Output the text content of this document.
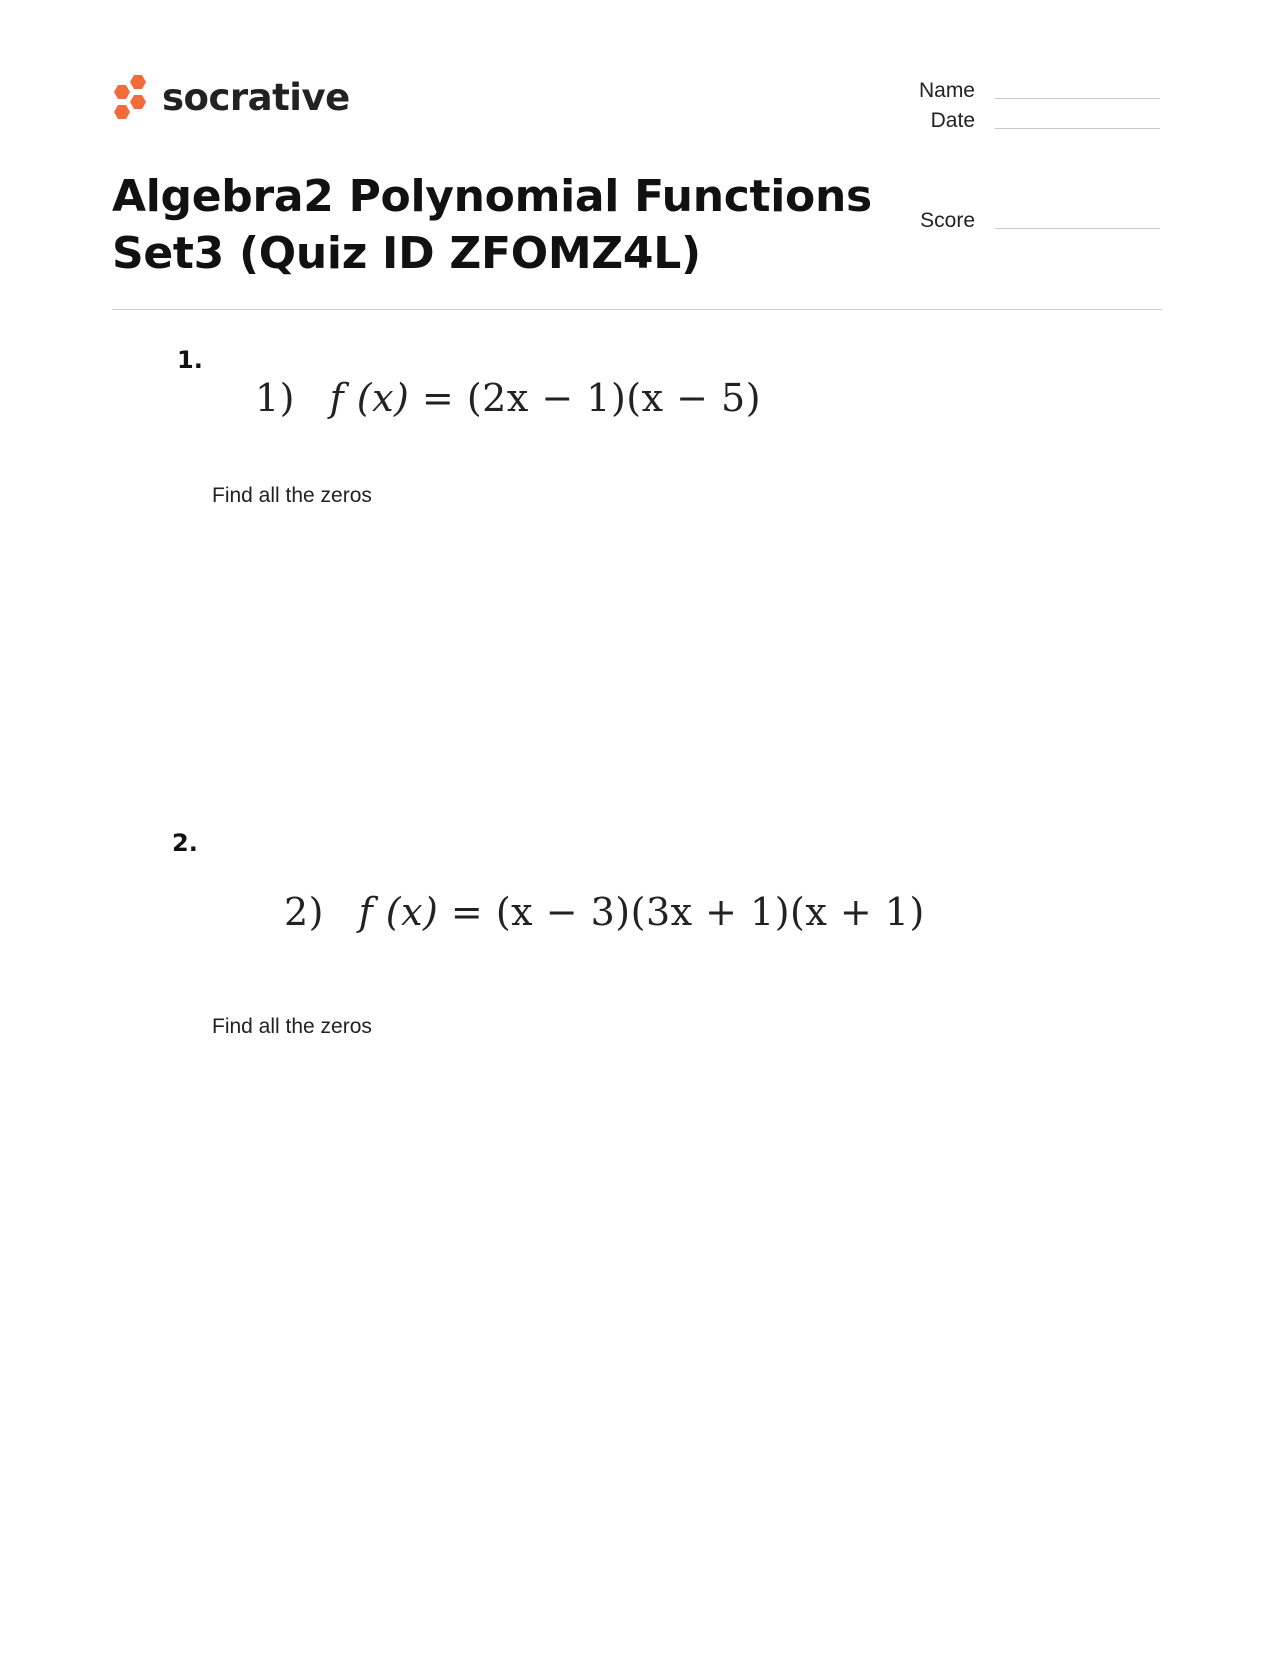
socrative	Name
Date
Score
Algebra2 Polynomial Functions Set3 (Quiz ID ZFOMZ4L)
1.
1) f (x) = (2x − 1)(x − 5)
Find all the zeros
2.
2) f (x) = (x − 3)(3x + 1)(x + 1)
Find all the zeros
